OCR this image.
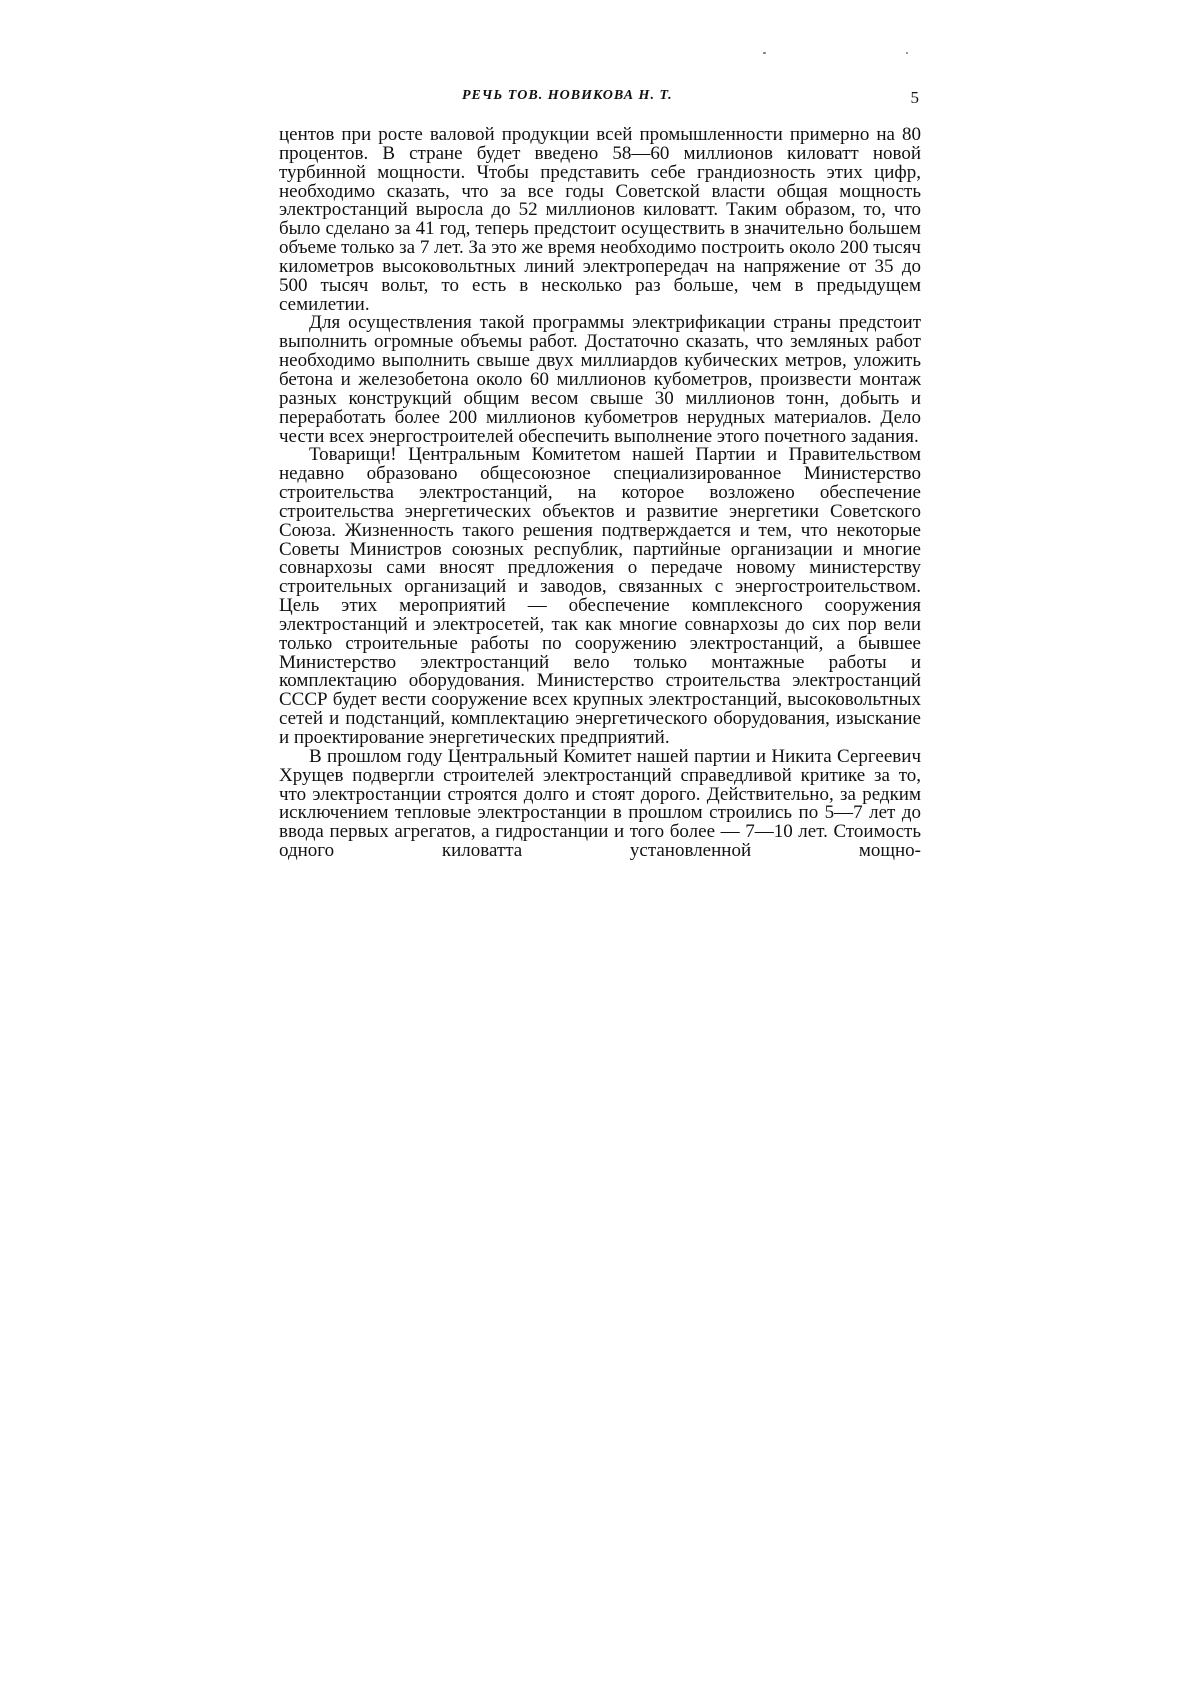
РЕЧЬ ТОВ. НОВИКОВА Н. Т.	5

центов при росте валовой продукции всей промышленности примерно на 80 процентов. В стране будет введено 58—60 миллионов киловатт новой турбинной мощности. Чтобы представить себе грандиозность этих цифр, необходимо сказать, что за все годы Советской власти общая мощность электростанций выросла до 52 миллионов киловатт. Таким образом, то, что было сделано за 41 год, теперь предстоит осуществить в значительно большем объеме только за 7 лет. За это же время необходимо построить около 200 тысяч километров высоковольтных линий электропередач на напряжение от 35 до 500 тысяч вольт, то есть в несколько раз больше, чем в предыдущем семилетии.

Для осуществления такой программы электрификации страны предстоит выполнить огромные объемы работ. Достаточно сказать, что земляных работ необходимо выполнить свыше двух миллиардов кубических метров, уложить бетона и железобетона около 60 миллионов кубометров, произвести монтаж разных конструкций общим весом свыше 30 миллионов тонн, добыть и переработать более 200 миллионов кубометров нерудных материалов. Дело чести всех энергостроителей обеспечить выполнение этого почетного задания.

Товарищи! Центральным Комитетом нашей Партии и Правительством недавно образовано общесоюзное специализированное Министерство строительства электростанций, на которое возложено обеспечение строительства энергетических объектов и развитие энергетики Советского Союза. Жизненность такого решения подтверждается и тем, что некоторые Советы Министров союзных республик, партийные организации и многие совнархозы сами вносят предложения о передаче новому министерству строительных организаций и заводов, связанных с энергостроительством. Цель этих мероприятий — обеспечение комплексного сооружения электростанций и электросетей, так как многие совнархозы до сих пор вели только строительные работы по сооружению электростанций, а бывшее Министерство электростанций вело только монтажные работы и комплектацию оборудования. Министерство строительства электростанций СССР будет вести сооружение всех крупных электростанций, высоковольтных сетей и подстанций, комплектацию энергетического оборудования, изыскание и проектирование энергетических предприятий.

В прошлом году Центральный Комитет нашей партии и Никита Сергеевич Хрущев подвергли строителей электростанций справедливой критике за то, что электростанции строятся долго и стоят дорого. Действительно, за редким исключением тепловые электростанции в прошлом строились по 5—7 лет до ввода первых агрегатов, а гидростанции и того более — 7—10 лет. Стоимость одного киловатта установленной мощно-
